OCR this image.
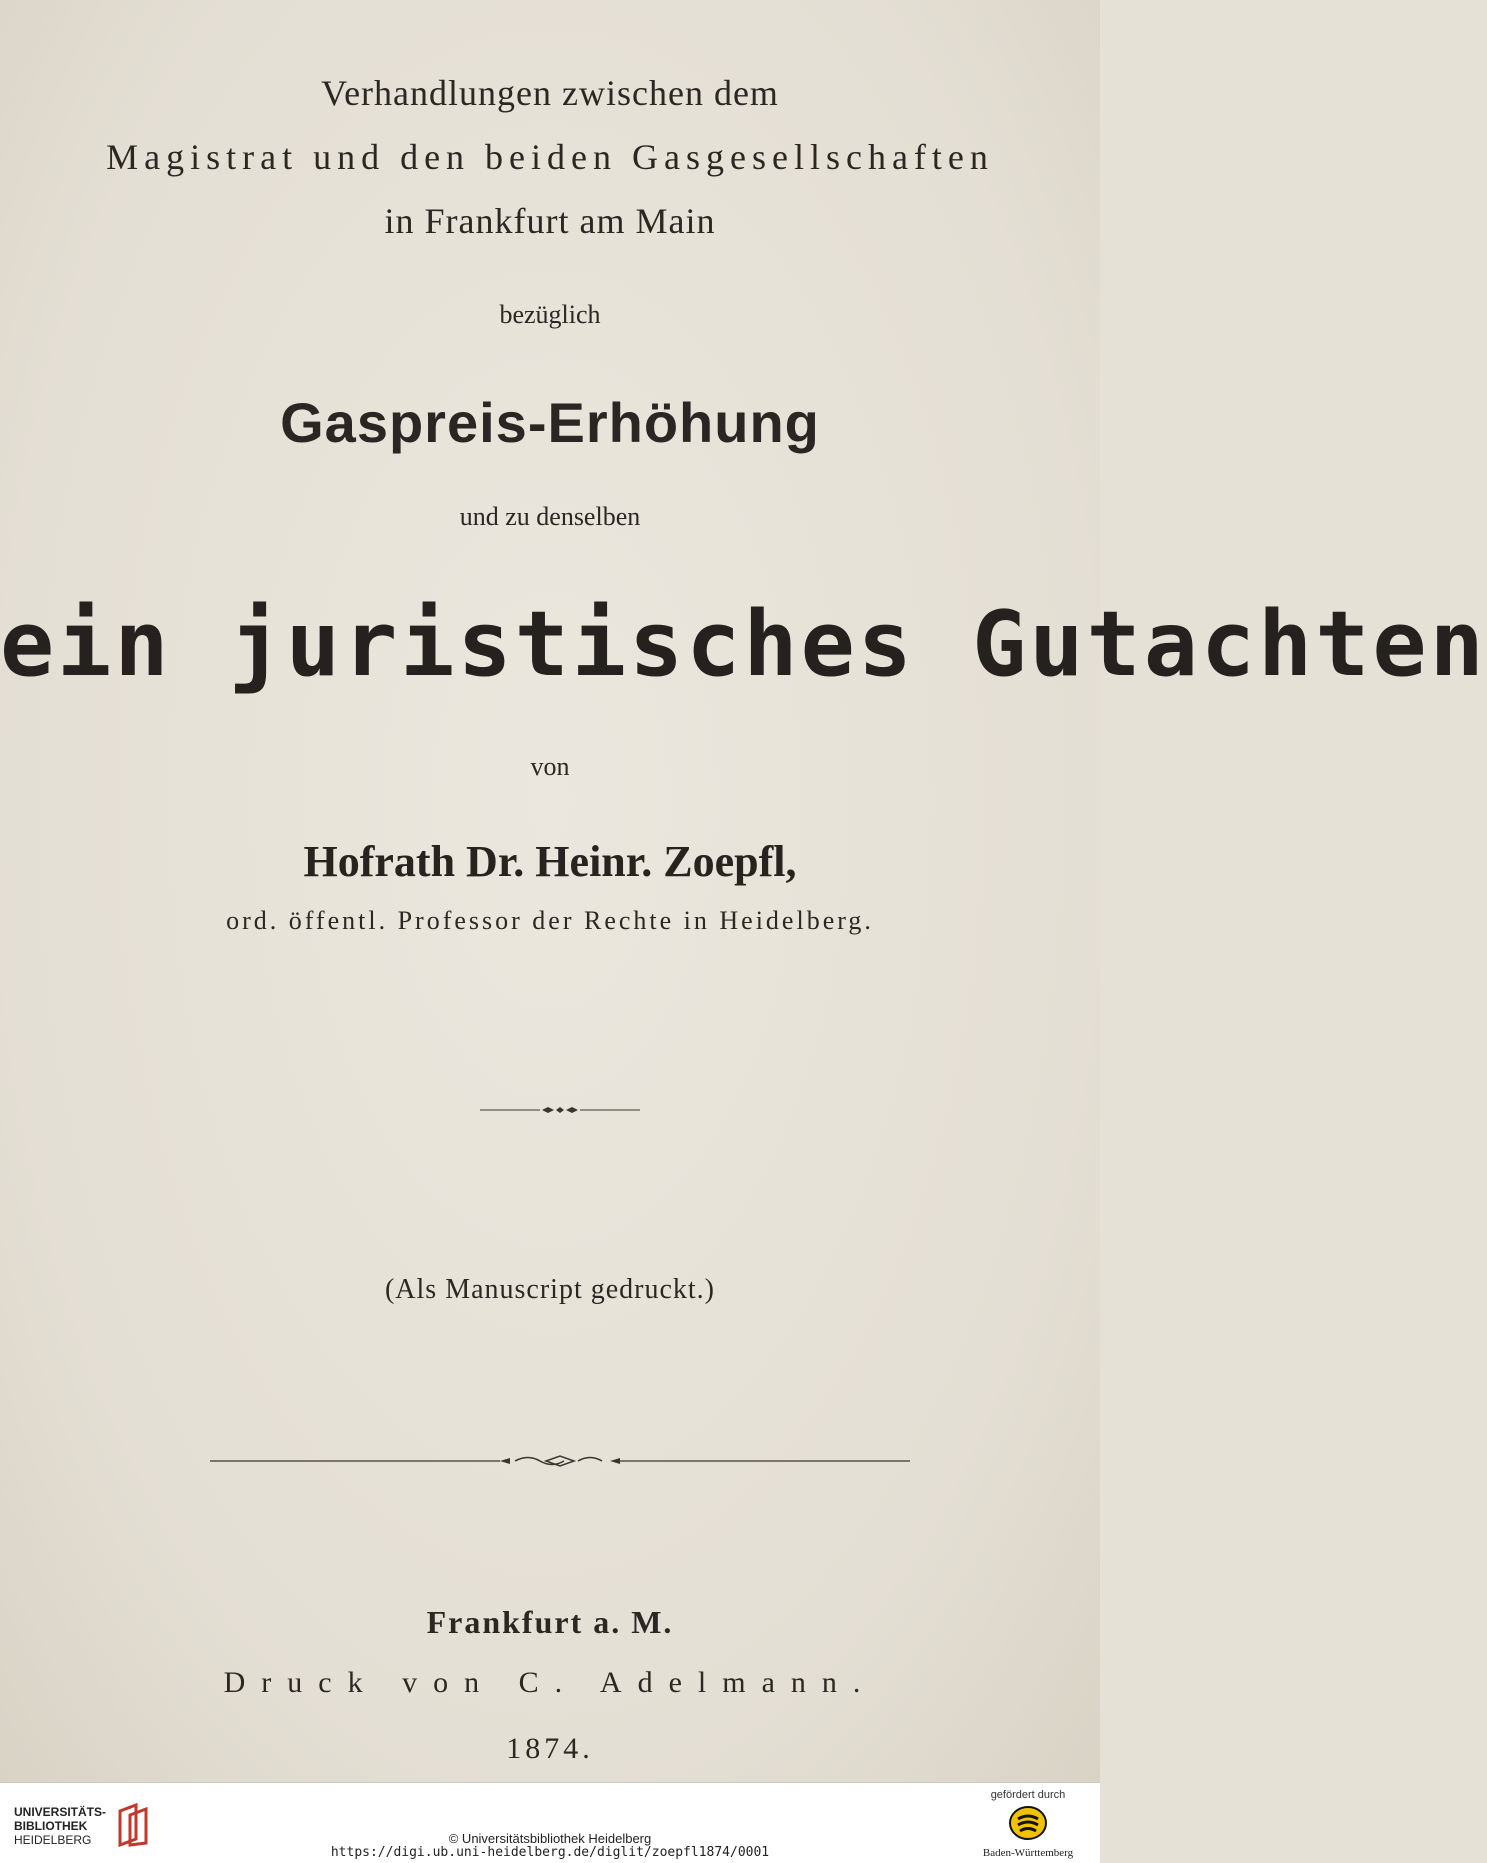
Verhandlungen zwischen dem
Magistrat und den beiden Gasgesellschaften
in Frankfurt am Main
bezüglich
Gaspreis-Erhöhung
und zu denselben
ein juristisches Gutachten
von
Hofrath Dr. Heinr. Zoepfl,
ord. öffentl. Professor der Rechte in Heidelberg.
(Als Manuscript gedruckt.)
Frankfurt a. M.
Druck von C. Adelmann.
1874.
UNIVERSITÄTS-
BIBLIOTHEK
HEIDELBERG	© Universitätsbibliothek Heidelberg
https://digi.ub.uni-heidelberg.de/diglit/zoepfl1874/0001
gefördert durch
Baden-Württemberg
